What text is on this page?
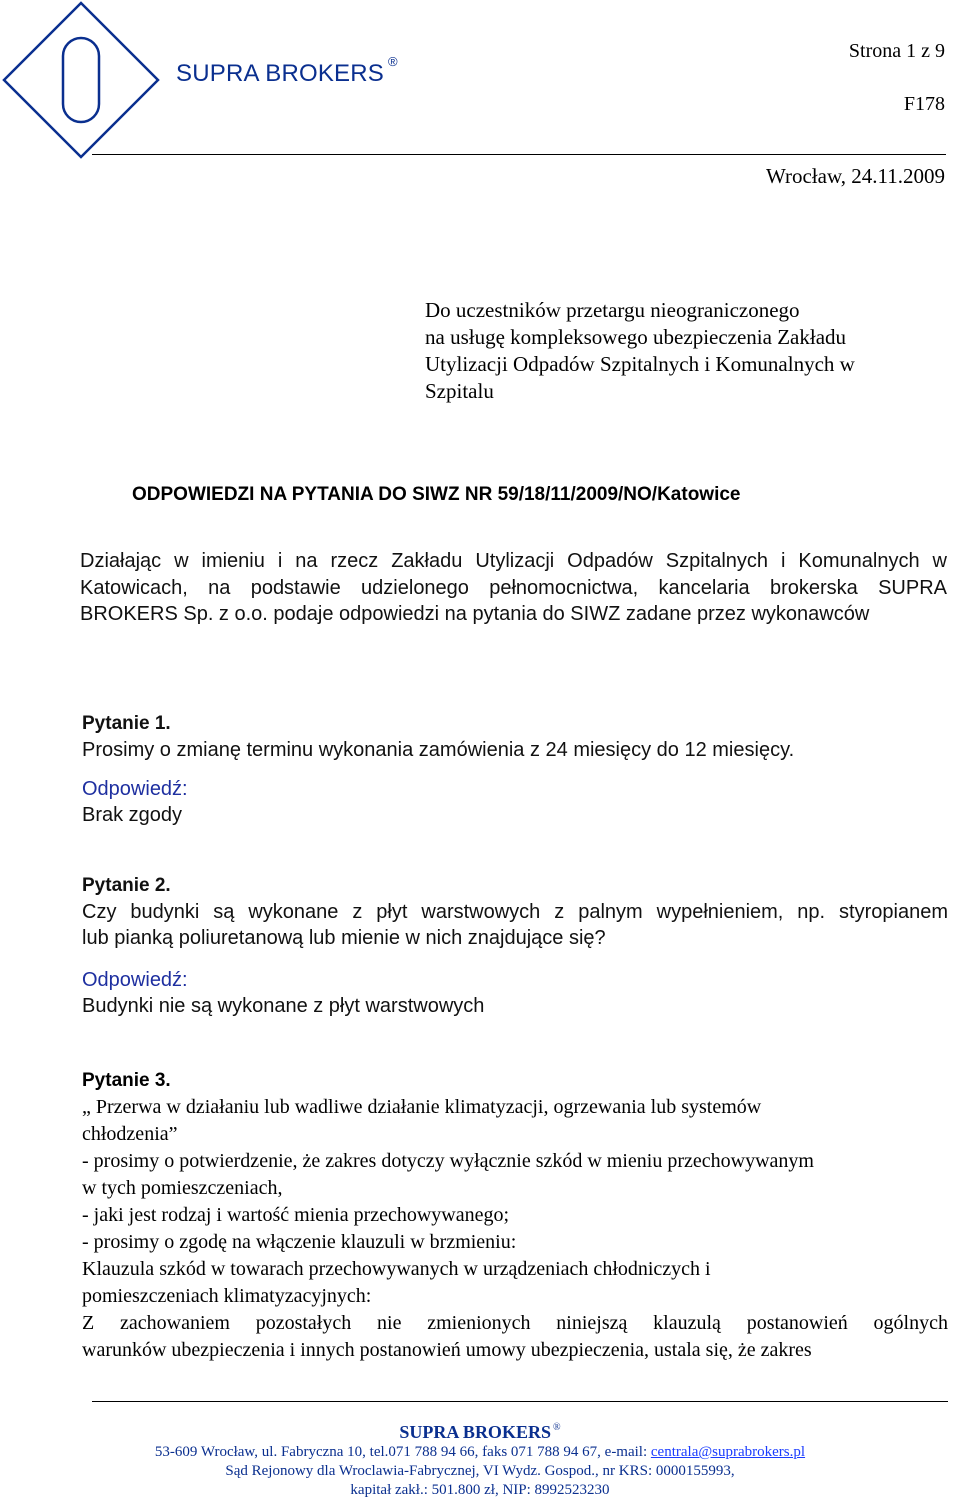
SUPRA BROKERS ®	Strona 1 z 9
F178
Wrocław, 24.11.2009
Do uczestników przetargu nieograniczonego
na usługę kompleksowego ubezpieczenia Zakładu
Utylizacji Odpadów Szpitalnych i Komunalnych w
Szpitalu
ODPOWIEDZI NA PYTANIA DO SIWZ NR 59/18/11/2009/NO/Katowice

Działając w imieniu i na rzecz Zakładu Utylizacji Odpadów Szpitalnych i Komunalnych w

Katowicach, na podstawie udzielonego pełnomocnictwa, kancelaria brokerska SUPRA

BROKERS Sp. z o.o. podaje odpowiedzi na pytania do SIWZ zadane przez wykonawców

Pytanie 1.

Prosimy o zmianę terminu wykonania zamówienia z 24 miesięcy do 12 miesięcy.

Odpowiedź:

Brak zgody

Pytanie 2.

Czy budynki są wykonane z płyt warstwowych z palnym wypełnieniem, np. styropianem

lub pianką poliuretanową lub mienie w nich znajdujące się?

Odpowiedź:

Budynki nie są wykonane z płyt warstwowych

Pytanie 3.

„ Przerwa w działaniu lub wadliwe działanie klimatyzacji, ogrzewania lub systemów

chłodzenia”

- prosimy o potwierdzenie, że zakres dotyczy wyłącznie szkód w mieniu przechowywanym

w tych pomieszczeniach,

- jaki jest rodzaj i wartość mienia przechowywanego;

- prosimy o zgodę na włączenie klauzuli w brzmieniu:

Klauzula szkód w towarach przechowywanych w urządzeniach chłodniczych i

pomieszczeniach klimatyzacyjnych:

Z zachowaniem pozostałych nie zmienionych niniejszą klauzulą postanowień ogólnych

warunków ubezpieczenia i innych postanowień umowy ubezpieczenia, ustala się, że zakres

SUPRA BROKERS ®
53-609 Wrocław, ul. Fabryczna 10, tel.071 788 94 66, faks 071 788 94 67, e-mail: centrala@suprabrokers.pl
Sąd Rejonowy dla Wroclawia-Fabrycznej, VI Wydz. Gospod., nr KRS: 0000155993,
kapitał zakł.: 501.800 zł, NIP: 8992523230
